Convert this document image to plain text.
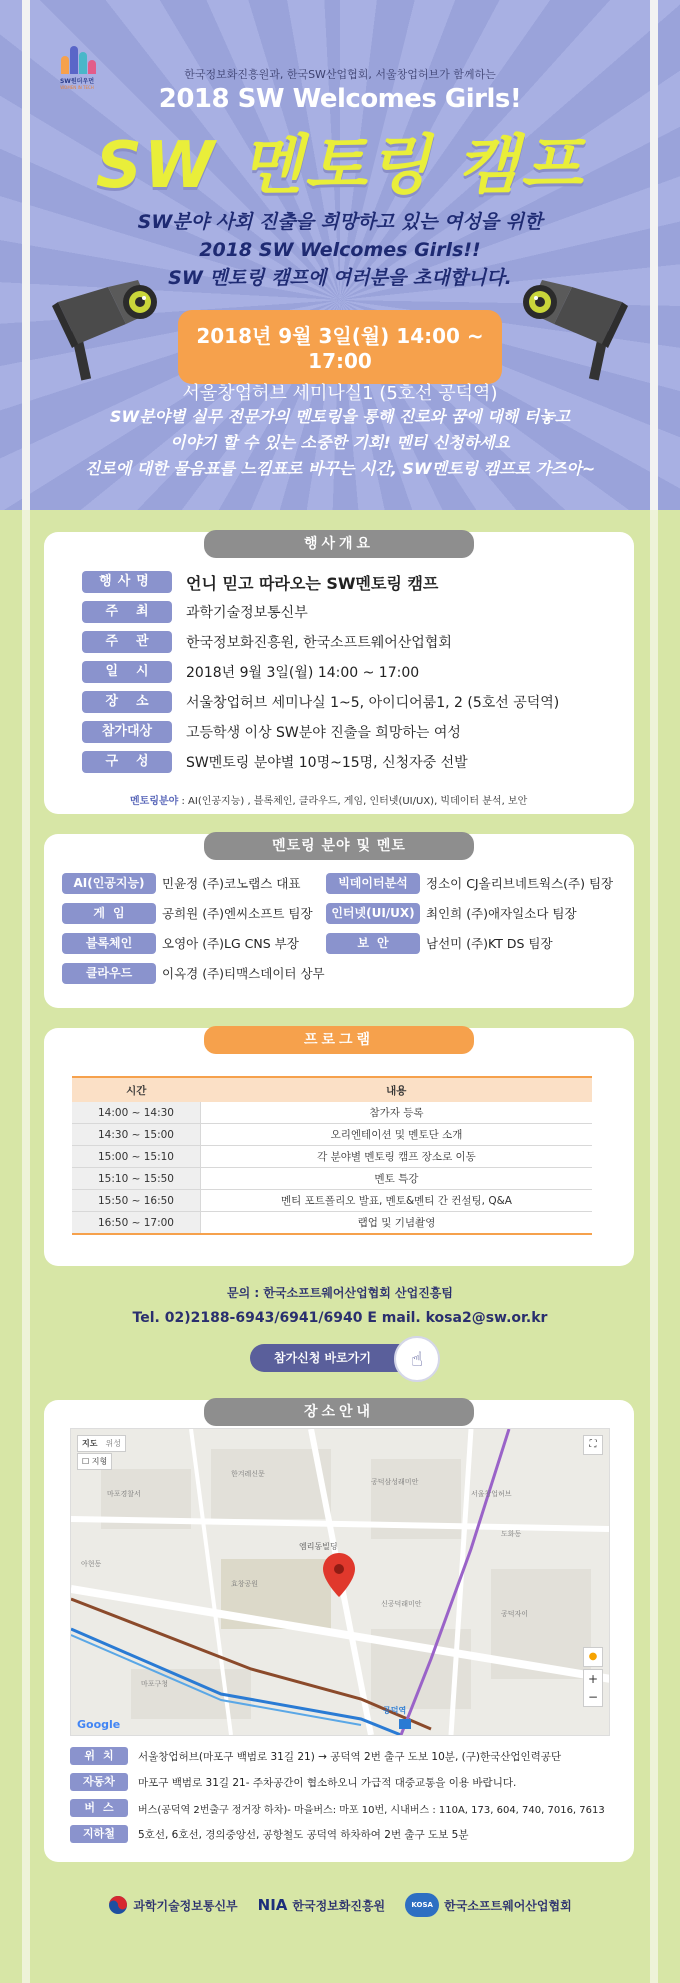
SW원더우먼
WOMEN IN TECH
한국정보화진흥원과, 한국SW산업협회, 서울창업허브가 함께하는
2018 SW Welcomes Girls!
SW 멘토링 캠프
SW분야 사회 진출을 희망하고 있는 여성을 위한
2018 SW Welcomes Girls!!
SW 멘토링 캠프에 여러분을 초대합니다.
2018년 9월 3일(월) 14:00 ~ 17:00
서울창업허브 세미나실1 (5호선 공덕역)
SW분야별 실무 전문가의 멘토링을 통해 진로와 꿈에 대해 터놓고
이야기 할 수 있는 소중한 기회! 멘티 신청하세요
진로에 대한 물음표를 느낌표로 바꾸는 시간, SW멘토링 캠프로 가즈아~
행사개요
행사명	언니 믿고 따라오는 SW멘토링 캠프
주최	과학기술정보통신부
주관	한국정보화진흥원, 한국소프트웨어산업협회
일시	2018년 9월 3일(월) 14:00 ~ 17:00
장소	서울창업허브 세미나실 1~5, 아이디어룸1, 2 (5호선 공덕역)
참가대상	고등학생 이상 SW분야 진출을 희망하는 여성
구성	SW멘토링 분야별 10명~15명, 신청자중 선발
멘토링분야 : AI(인공지능) , 블록체인, 클라우드, 게임, 인터넷(UI/UX), 빅데이터 분석, 보안
멘토링 분야 및 멘토
AI(인공지능)	민윤정 (주)코노랩스 대표	빅데이터분석	정소이 CJ올리브네트웍스(주) 팀장
게임	공희원 (주)엔씨소프트 팀장	인터넷(UI/UX) 최인희 (주)애자일소다 팀장
블록체인	오영아 (주)LG CNS 부장	보안	남선미 (주)KT DS 팀장
클라우드	이옥경 (주)티맥스데이터 상무
프로그램
시간	내용
14:00 ~ 14:30	참가자 등록
14:30 ~ 15:00	오리엔테이션 및 멘토단 소개
15:00 ~ 15:10	각 분야별 멘토링 캠프 장소로 이동
15:10 ~ 15:50	멘토 특강
15:50 ~ 16:50	멘티 포트폴리오 발표, 멘토&멘티 간 컨설팅, Q&A
16:50 ~ 17:00	랩업 및 기념촬영
문의 : 한국소프트웨어산업협회 산업진흥팀
Tel. 02)2188-6943/6941/6940 E mail. kosa2@sw.or.kr
참가신청 바로가기	☝
장소안내
지도 위성
☐ 지형
⛶
엠리동빌딩
공덕역
공덕삼성래미안
마포경찰서	서울창업허브
한겨레신문
신공덕래미안
공덕자이
효창공원
도화동
아현동
마포구청
●
+
−
Google
위치	서울창업허브(마포구 백범로 31길 21) → 공덕역 2번 출구 도보 10분, (구)한국산업인력공단
자동차	마포구 백범로 31길 21- 주차공간이 협소하오니 가급적 대중교통을 이용 바랍니다.
버스	버스(공덕역 2번출구 정거장 하차)- 마을버스: 마포 10번, 시내버스 : 110A, 173, 604, 740, 7016, 7613
지하철	5호선, 6호선, 경의중앙선, 공항철도 공덕역 하차하여 2번 출구 도보 5분
과학기술정보통신부 NIA 한국정보화진흥원	KOSA 한국소프트웨어산업협회
